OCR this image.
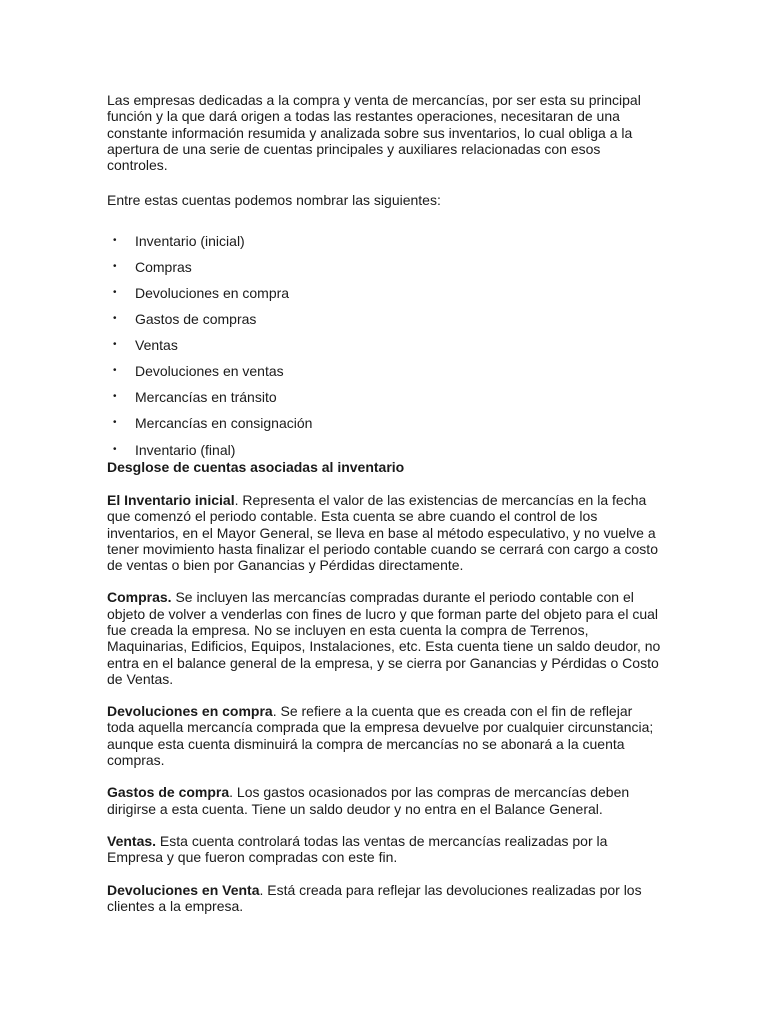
Las empresas dedicadas a la compra y venta de mercancías, por ser esta su principal función y la que dará origen a todas las restantes operaciones, necesitaran de una constante información resumida y analizada sobre sus inventarios, lo cual obliga a la apertura de una serie de cuentas principales y auxiliares relacionadas con esos controles.

Entre estas cuentas podemos nombrar las siguientes:

• Inventario (inicial)
• Compras
• Devoluciones en compra
• Gastos de compras
• Ventas
• Devoluciones en ventas
• Mercancías en tránsito
• Mercancías en consignación
• Inventario (final)

Desglose de cuentas asociadas al inventario

El Inventario inicial. Representa el valor de las existencias de mercancías en la fecha que comenzó el periodo contable. Esta cuenta se abre cuando el control de los inventarios, en el Mayor General, se lleva en base al método especulativo, y no vuelve a tener movimiento hasta finalizar el periodo contable cuando se cerrará con cargo a costo de ventas o bien por Ganancias y Pérdidas directamente.

Compras. Se incluyen las mercancías compradas durante el periodo contable con el objeto de volver a venderlas con fines de lucro y que forman parte del objeto para el cual fue creada la empresa. No se incluyen en esta cuenta la compra de Terrenos, Maquinarias, Edificios, Equipos, Instalaciones, etc. Esta cuenta tiene un saldo deudor, no entra en el balance general de la empresa, y se cierra por Ganancias y Pérdidas o Costo de Ventas.

Devoluciones en compra. Se refiere a la cuenta que es creada con el fin de reflejar toda aquella mercancía comprada que la empresa devuelve por cualquier circunstancia; aunque esta cuenta disminuirá la compra de mercancías no se abonará a la cuenta compras.

Gastos de compra. Los gastos ocasionados por las compras de mercancías deben dirigirse a esta cuenta. Tiene un saldo deudor y no entra en el Balance General.

Ventas. Esta cuenta controlará todas las ventas de mercancías realizadas por la Empresa y que fueron compradas con este fin.

Devoluciones en Venta. Está creada para reflejar las devoluciones realizadas por los clientes a la empresa.
